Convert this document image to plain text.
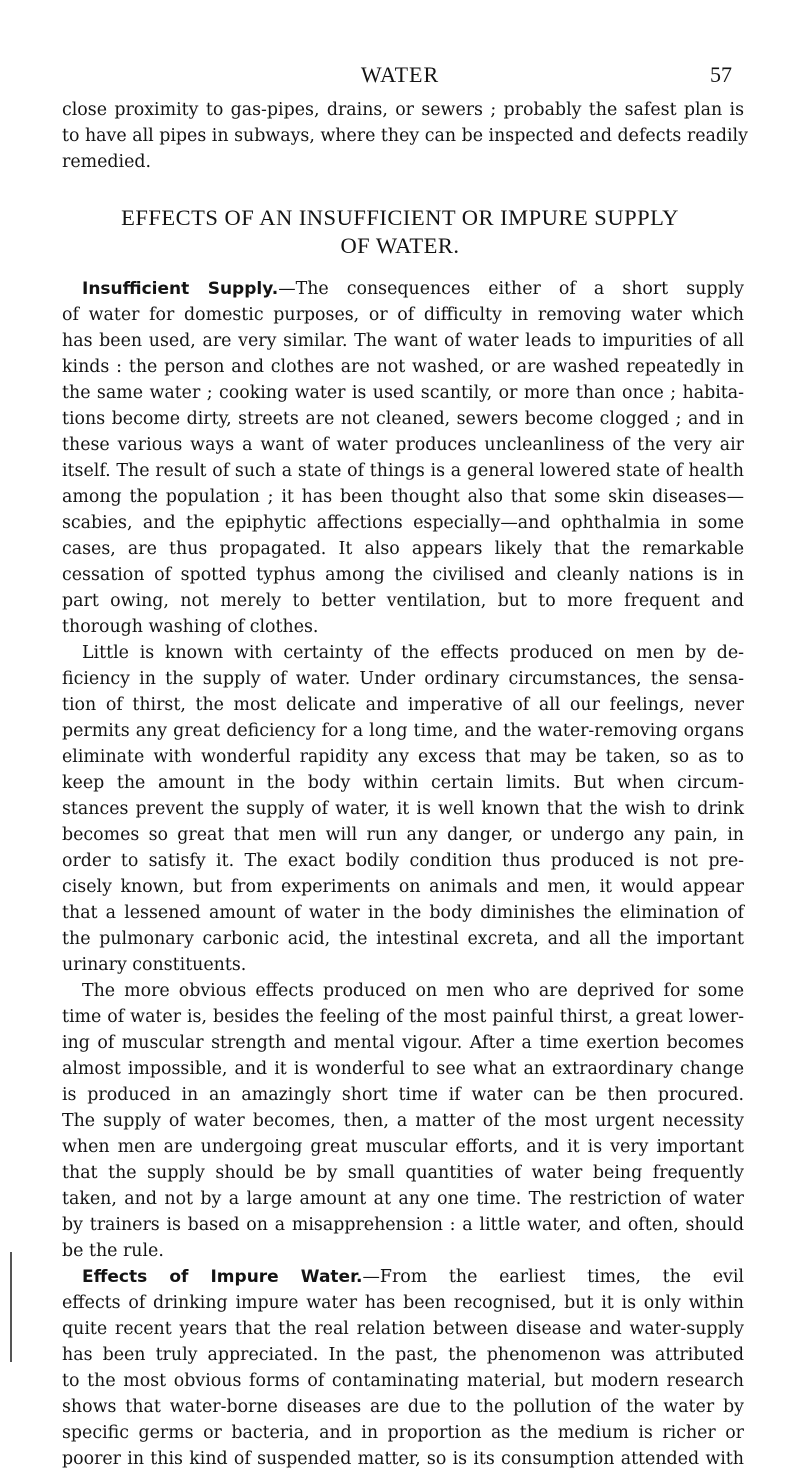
WATER	57
close proximity to gas-pipes, drains, or sewers ; probably the safest plan is
to have all pipes in subways, where they can be inspected and defects readily
remedied.
EFFECTS OF AN INSUFFICIENT OR IMPURE SUPPLY
OF WATER.
Insufficient Supply.—The consequences either of a short supply
of water for domestic purposes, or of difficulty in removing water which
has been used, are very similar. The want of water leads to impurities of all
kinds : the person and clothes are not washed, or are washed repeatedly in
the same water ; cooking water is used scantily, or more than once ; habita-
tions become dirty, streets are not cleaned, sewers become clogged ; and in
these various ways a want of water produces uncleanliness of the very air
itself. The result of such a state of things is a general lowered state of health
among the population ; it has been thought also that some skin diseases—
scabies, and the epiphytic affections especially—and ophthalmia in some
cases, are thus propagated. It also appears likely that the remarkable
cessation of spotted typhus among the civilised and cleanly nations is in
part owing, not merely to better ventilation, but to more frequent and
thorough washing of clothes.
Little is known with certainty of the effects produced on men by de-
ficiency in the supply of water. Under ordinary circumstances, the sensa-
tion of thirst, the most delicate and imperative of all our feelings, never
permits any great deficiency for a long time, and the water-removing organs
eliminate with wonderful rapidity any excess that may be taken, so as to
keep the amount in the body within certain limits. But when circum-
stances prevent the supply of water, it is well known that the wish to drink
becomes so great that men will run any danger, or undergo any pain, in
order to satisfy it. The exact bodily condition thus produced is not pre-
cisely known, but from experiments on animals and men, it would appear
that a lessened amount of water in the body diminishes the elimination of
the pulmonary carbonic acid, the intestinal excreta, and all the important
urinary constituents.
The more obvious effects produced on men who are deprived for some
time of water is, besides the feeling of the most painful thirst, a great lower-
ing of muscular strength and mental vigour. After a time exertion becomes
almost impossible, and it is wonderful to see what an extraordinary change
is produced in an amazingly short time if water can be then procured.
The supply of water becomes, then, a matter of the most urgent necessity
when men are undergoing great muscular efforts, and it is very important
that the supply should be by small quantities of water being frequently
taken, and not by a large amount at any one time. The restriction of water
by trainers is based on a misapprehension : a little water, and often, should
be the rule.
Effects of Impure Water.—From the earliest times, the evil
effects of drinking impure water has been recognised, but it is only within
quite recent years that the real relation between disease and water-supply
has been truly appreciated. In the past, the phenomenon was attributed
to the most obvious forms of contaminating material, but modern research
shows that water-borne diseases are due to the pollution of the water by
specific germs or bacteria, and in proportion as the medium is richer or
poorer in this kind of suspended matter, so is its consumption attended with
